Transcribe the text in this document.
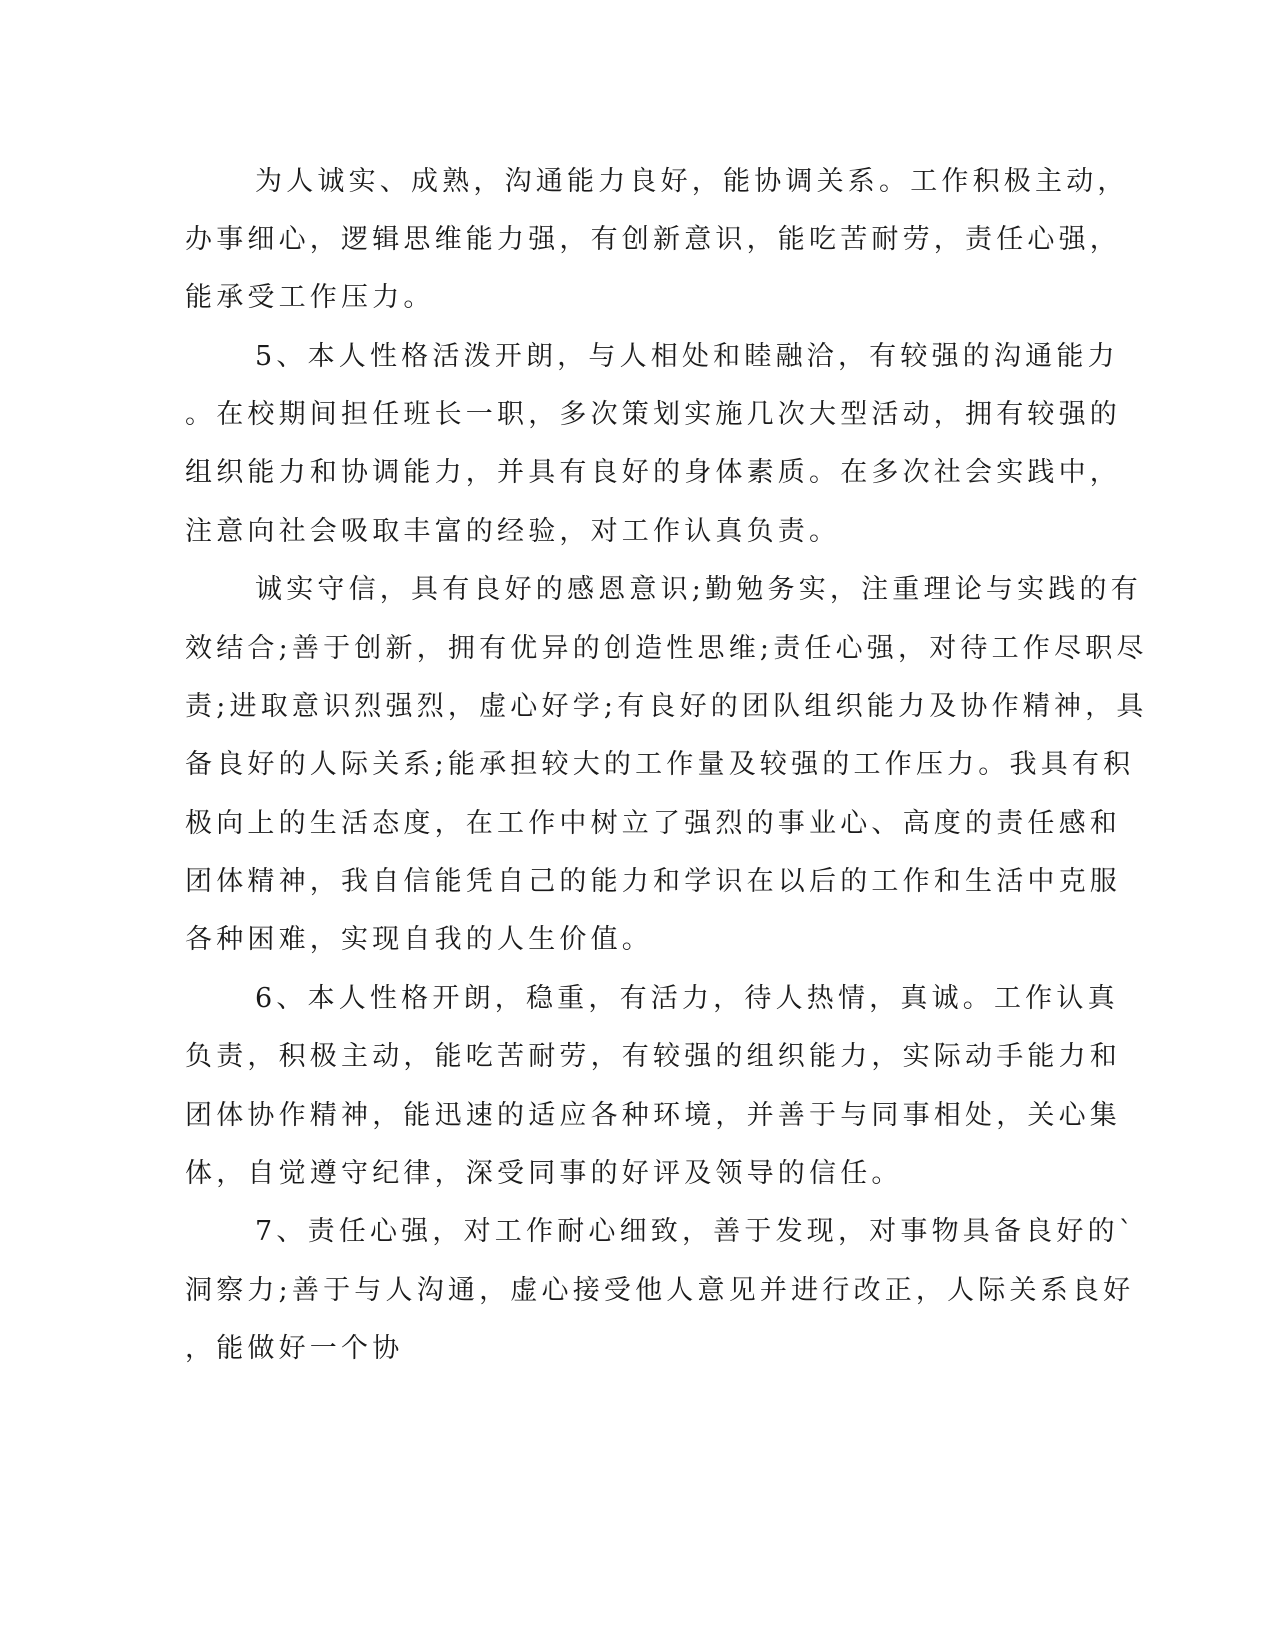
为人诚实、成熟，沟通能力良好，能协调关系。工作积极主动，
办事细心，逻辑思维能力强，有创新意识，能吃苦耐劳，责任心强，
能承受工作压力。
5、本人性格活泼开朗，与人相处和睦融洽，有较强的沟通能力
。在校期间担任班长一职，多次策划实施几次大型活动，拥有较强的
组织能力和协调能力，并具有良好的身体素质。在多次社会实践中，
注意向社会吸取丰富的经验，对工作认真负责。
诚实守信，具有良好的感恩意识;勤勉务实，注重理论与实践的有
效结合;善于创新，拥有优异的创造性思维;责任心强，对待工作尽职尽
责;进取意识烈强烈，虚心好学;有良好的团队组织能力及协作精神，具
备良好的人际关系;能承担较大的工作量及较强的工作压力。我具有积
极向上的生活态度，在工作中树立了强烈的事业心、高度的责任感和
团体精神，我自信能凭自己的能力和学识在以后的工作和生活中克服
各种困难，实现自我的人生价值。
6、本人性格开朗，稳重，有活力，待人热情，真诚。工作认真
负责，积极主动，能吃苦耐劳，有较强的组织能力，实际动手能力和
团体协作精神，能迅速的适应各种环境，并善于与同事相处，关心集
体，自觉遵守纪律，深受同事的好评及领导的信任。
7、责任心强，对工作耐心细致，善于发现，对事物具备良好的`
洞察力;善于与人沟通，虚心接受他人意见并进行改正，人际关系良好
，能做好一个协
